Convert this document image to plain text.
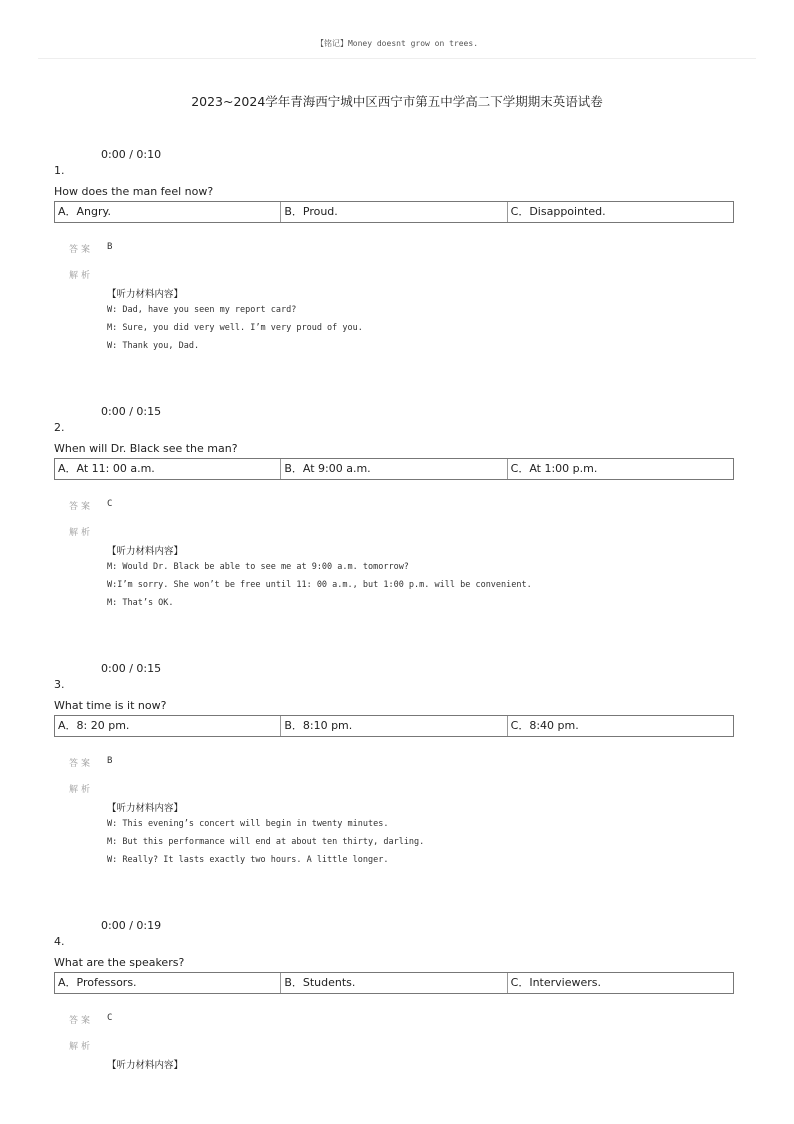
【铭记】Money doesnt grow on trees.
2023~2024学年青海西宁城中区西宁市第五中学高二下学期期末英语试卷
0:00 / 0:10
1.
How does the man feel now?
A．Angry.	B．Proud.	C．Disappointed.
答案 B
解析
【听力材料内容】
W: Dad, have you seen my report card?
M: Sure, you did very well. I’m very proud of you.
W: Thank you, Dad.
0:00 / 0:15
2.
When will Dr. Black see the man?
A．At 11: 00 a.m.	B．At 9:00 a.m.	C．At 1:00 p.m.
答案 C
解析
【听力材料内容】
M: Would Dr. Black be able to see me at 9:00 a.m. tomorrow?
W:I’m sorry. She won’t be free until 11: 00 a.m., but 1:00 p.m. will be convenient.
M: That’s OK.
0:00 / 0:15
3.
What time is it now?
A．8: 20 pm.	B．8:10 pm.	C．8:40 pm.
答案 B
解析
【听力材料内容】
W: This evening’s concert will begin in twenty minutes.
M: But this performance will end at about ten thirty, darling.
W: Really? It lasts exactly two hours. A little longer.
0:00 / 0:19
4.
What are the speakers?
A．Professors.	B．Students.	C．Interviewers.
答案 C
解析
【听力材料内容】
